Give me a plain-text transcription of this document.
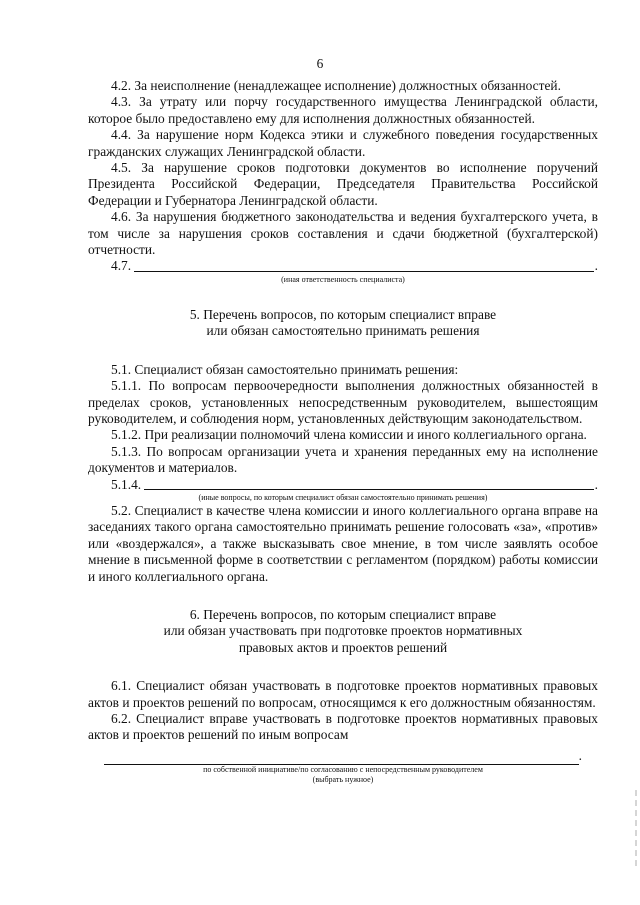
6

4.2. За неисполнение (ненадлежащее исполнение) должностных обязанностей.

4.3. За утрату или порчу государственного имущества Ленинградской области, которое было предоставлено ему для исполнения должностных обязанностей.

4.4. За нарушение норм Кодекса этики и служебного поведения государственных гражданских служащих Ленинградской области.

4.5. За нарушение сроков подготовки документов во исполнение поручений Президента Российской Федерации, Председателя Правительства Российской Федерации и Губернатора Ленинградской области.

4.6. За нарушения бюджетного законодательства и ведения бухгалтерского учета, в том числе за нарушения сроков составления и сдачи бюджетной (бухгалтерской) отчетности.

4.7.	.
(иная ответственность специалиста)
5. Перечень вопросов, по которым специалист вправе
или обязан самостоятельно принимать решения

5.1. Специалист обязан самостоятельно принимать решения:

5.1.1. По вопросам первоочередности выполнения должностных обязанностей в пределах сроков, установленных непосредственным руководителем, вышестоящим руководителем, и соблюдения норм, установленных действующим законодательством.

5.1.2. При реализации полномочий члена комиссии и иного коллегиального органа.

5.1.3. По вопросам организации учета и хранения переданных ему на исполнение документов и материалов.

5.1.4.	.
(иные вопросы, по которым специалист обязан самостоятельно принимать решения)

5.2. Специалист в качестве члена комиссии и иного коллегиального органа вправе на заседаниях такого органа самостоятельно принимать решение голосовать «за», «против» или «воздержался», а также высказывать свое мнение, в том числе заявлять особое мнение в письменной форме в соответствии с регламентом (порядком) работы комиссии и иного коллегиального органа.

6. Перечень вопросов, по которым специалист вправе
или обязан участвовать при подготовке проектов нормативных
правовых актов и проектов решений

6.1. Специалист обязан участвовать в подготовке проектов нормативных правовых актов и проектов решений по вопросам, относящимся к его должностным обязанностям.

6.2. Специалист вправе участвовать в подготовке проектов нормативных правовых актов и проектов решений по иным вопросам

.
по собственной инициативе/по согласованию с непосредственным руководителем
(выбрать нужное)
